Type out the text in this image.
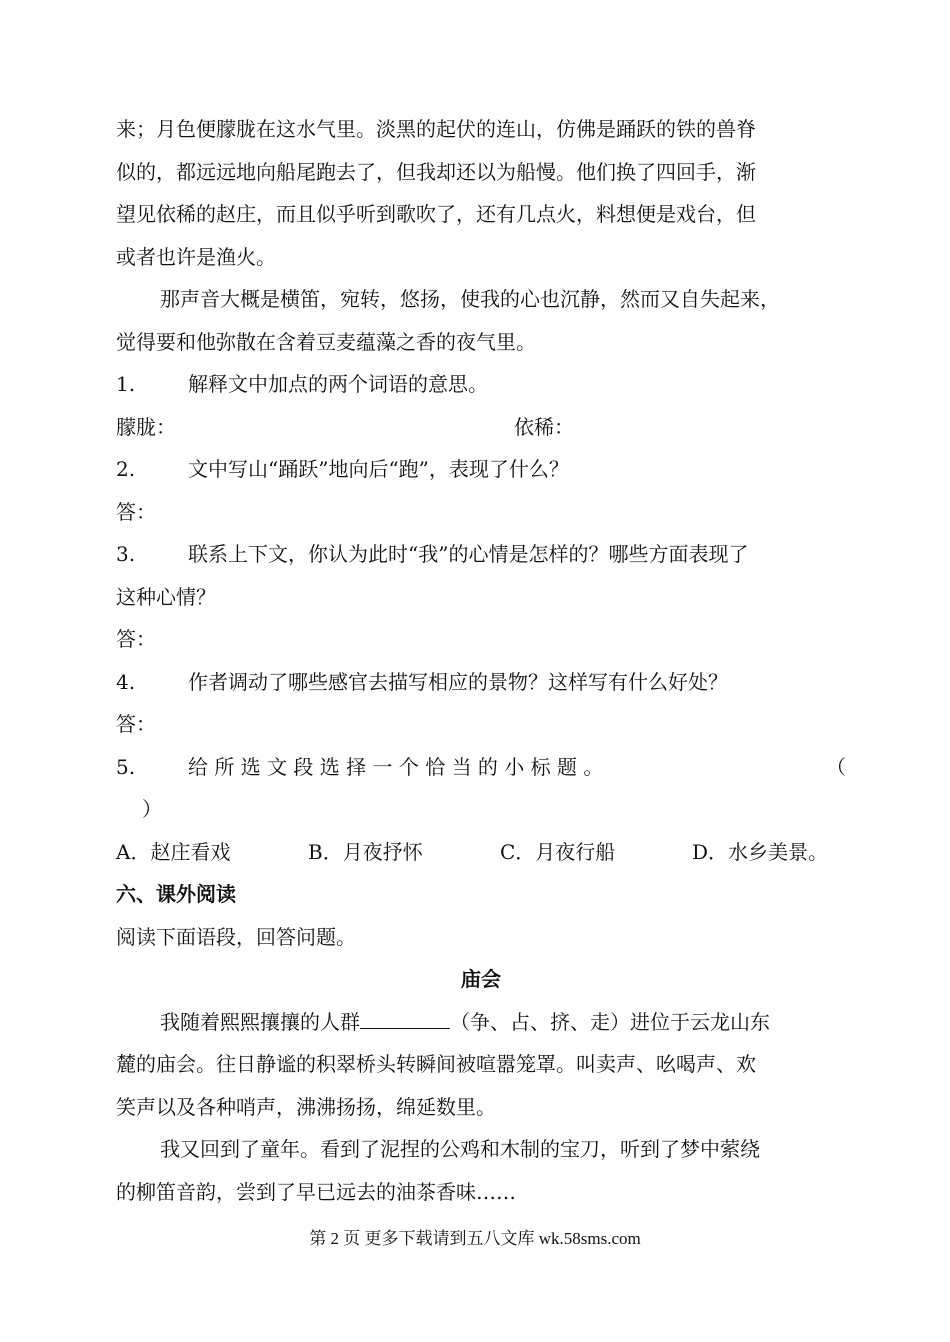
来；月色便朦胧在这水气里。淡黑的起伏的连山，仿佛是踊跃的铁的兽脊
似的，都远远地向船尾跑去了，但我却还以为船慢。他们换了四回手，渐
望见依稀的赵庄，而且似乎听到歌吹了，还有几点火，料想便是戏台，但
或者也许是渔火。
那声音大概是横笛，宛转，悠扬，使我的心也沉静，然而又自失起来，
觉得要和他弥散在含着豆麦蕴藻之香的夜气里。
1.	解释文中加点的两个词语的意思。
朦胧：	依稀：
2.	文中写山“踊跃”地向后“跑”，表现了什么？
答：
3.	联系上下文，你认为此时“我”的心情是怎样的？哪些方面表现了
这种心情？
答：
4.	作者调动了哪些感官去描写相应的景物？这样写有什么好处？
答：
5.	给 所 选 文 段 选 择 一 个 恰 当 的 小 标 题 。	（
）
A．赵庄看戏	B．月夜抒怀	C．月夜行船	D．水乡美景。
六、课外阅读
阅读下面语段，回答问题。
庙会
我随着熙熙攘攘的人群	（争、占、挤、走）进位于云龙山东
麓的庙会。往日静谧的积翠桥头转瞬间被喧嚣笼罩。叫卖声、吆喝声、欢
笑声以及各种哨声，沸沸扬扬，绵延数里。
我又回到了童年。看到了泥捏的公鸡和木制的宝刀，听到了梦中萦绕
的柳笛音韵，尝到了早已远去的油茶香味……
第 2 页 更多下载请到五八文库 wk.58sms.com
